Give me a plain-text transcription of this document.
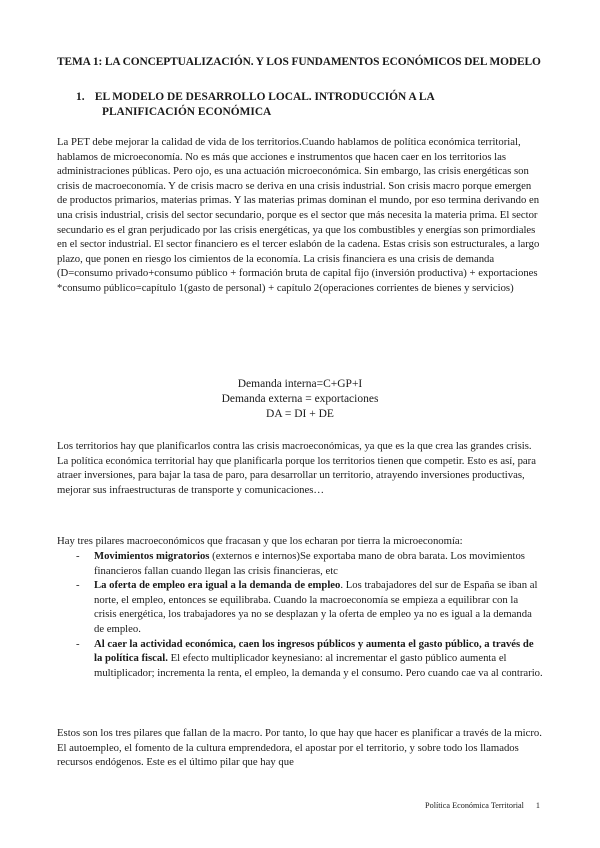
TEMA 1: LA CONCEPTUALIZACIÓN. Y LOS FUNDAMENTOS ECONÓMICOS DEL MODELO
1. EL MODELO DE DESARROLLO LOCAL. INTRODUCCIÓN A LA
PLANIFICACIÓN ECONÓMICA
La PET debe mejorar la calidad de vida de los territorios.Cuando hablamos de política económica territorial, hablamos de microeconomía. No es más que acciones e instrumentos que hacen caer en los territorios las administraciones públicas. Pero ojo, es una actuación microeconómica. Sin embargo, las crisis energéticas son crisis de macroeconomía. Y de crisis macro se deriva en una crisis industrial. Son crisis macro porque emergen de productos primarios, materias primas. Y las materias primas dominan el mundo, por eso termina derivando en una crisis industrial, crisis del sector secundario, porque es el sector que más necesita la materia prima. El sector secundario es el gran perjudicado por las crisis energéticas, ya que los combustibles y energías son primordiales en el sector industrial. El sector financiero es el tercer eslabón de la cadena. Estas crisis son estructurales, a largo plazo, que ponen en riesgo los cimientos de la economía. La crisis financiera es una crisis de demanda (D=consumo privado+consumo público + formación bruta de capital fijo (inversión productiva) + exportaciones
*consumo público=capítulo 1(gasto de personal) + capítulo 2(operaciones corrientes de bienes y servicios)
Demanda interna=C+GP+I
Demanda externa = exportaciones
DA = DI + DE
Los territorios hay que planificarlos contra las crisis macroeconómicas, ya que es la que crea las grandes crisis. La política económica territorial hay que planificarla porque los territorios tienen que competir. Esto es así, para atraer inversiones, para bajar la tasa de paro, para desarrollar un territorio, atrayendo inversiones productivas, mejorar sus infraestructuras de transporte y comunicaciones…
Hay tres pilares macroeconómicos que fracasan y que los echaran por tierra la microeconomía:
- Movimientos migratorios (externos e internos)Se exportaba mano de obra barata. Los movimientos financieros fallan cuando llegan las crisis financieras, etc
- La oferta de empleo era igual a la demanda de empleo. Los trabajadores del sur de España se iban al norte, el empleo, entonces se equilibraba. Cuando la macroeconomía se empieza a equilibrar con la crisis energética, los trabajadores ya no se desplazan y la oferta de empleo ya no es igual a la demanda de empleo.
- Al caer la actividad económica, caen los ingresos públicos y aumenta el gasto público, a través de la política fiscal. El efecto multiplicador keynesiano: al incrementar el gasto público aumenta el multiplicador; incrementa la renta, el empleo, la demanda y el consumo. Pero cuando cae va al contrario.
Estos son los tres pilares que fallan de la macro. Por tanto, lo que hay que hacer es planificar a través de la micro. El autoempleo, el fomento de la cultura emprendedora, el apostar por el territorio, y sobre todo los llamados recursos endógenos. Este es el último pilar que hay que
Política Económica Territorial 1
